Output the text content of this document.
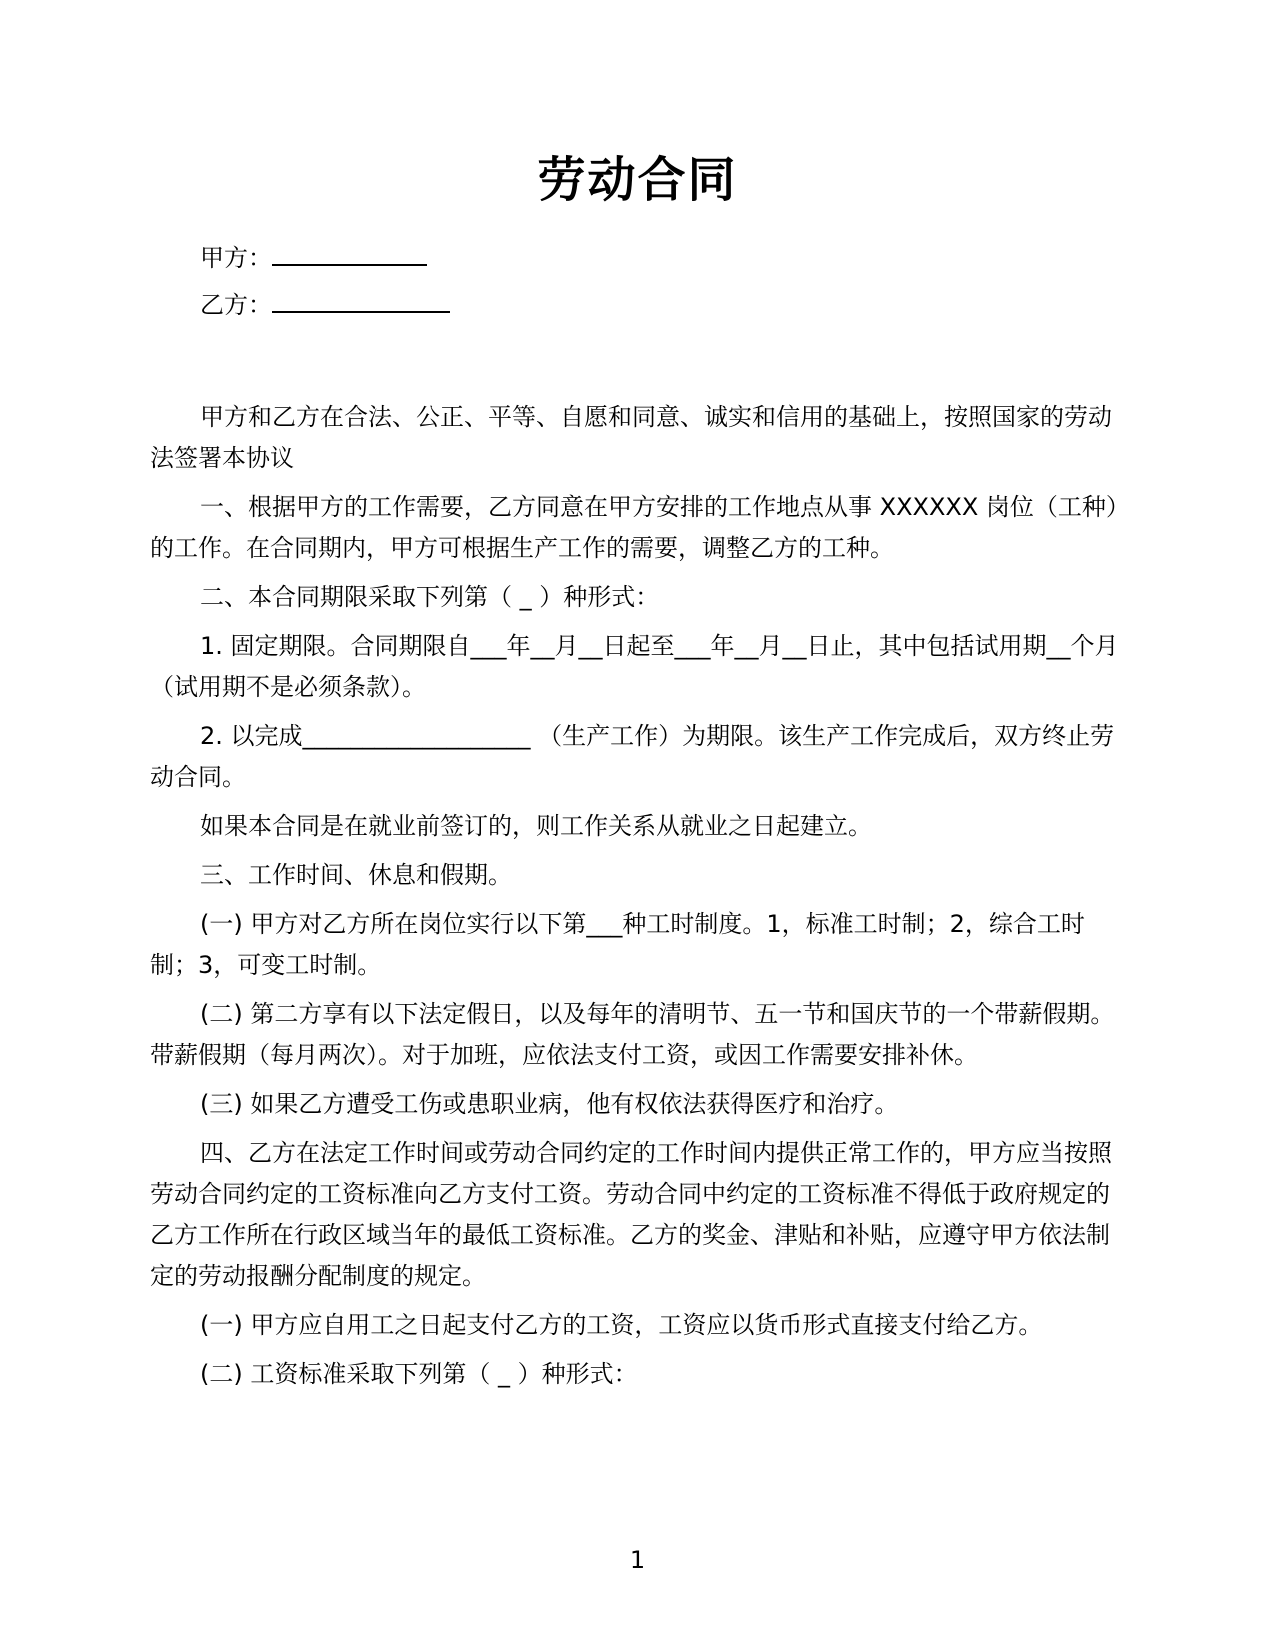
劳动合同
甲方：
乙方：

甲方和乙方在合法、公正、平等、自愿和同意、诚实和信用的基础上，按照国家的劳动法签署本协议

一、根据甲方的工作需要，乙方同意在甲方安排的工作地点从事 XXXXXX 岗位（工种）的工作。在合同期内，甲方可根据生产工作的需要，调整乙方的工种。

二、本合同期限采取下列第（ _ ）种形式：

1. 固定期限。合同期限自___年__月__日起至___年__月__日止，其中包括试用期__个月（试用期不是必须条款）。

2. 以完成___________________ （生产工作）为期限。该生产工作完成后，双方终止劳动合同。

如果本合同是在就业前签订的，则工作关系从就业之日起建立。

三、工作时间、休息和假期。

(一) 甲方对乙方所在岗位实行以下第___种工时制度。1，标准工时制；2，综合工时制；3，可变工时制。

(二) 第二方享有以下法定假日，以及每年的清明节、五一节和国庆节的一个带薪假期。带薪假期（每月两次）。对于加班，应依法支付工资，或因工作需要安排补休。

(三) 如果乙方遭受工伤或患职业病，他有权依法获得医疗和治疗。

四、乙方在法定工作时间或劳动合同约定的工作时间内提供正常工作的，甲方应当按照劳动合同约定的工资标准向乙方支付工资。劳动合同中约定的工资标准不得低于政府规定的乙方工作所在行政区域当年的最低工资标准。乙方的奖金、津贴和补贴，应遵守甲方依法制定的劳动报酬分配制度的规定。

(一) 甲方应自用工之日起支付乙方的工资，工资应以货币形式直接支付给乙方。

(二) 工资标准采取下列第（ _ ）种形式：

1
